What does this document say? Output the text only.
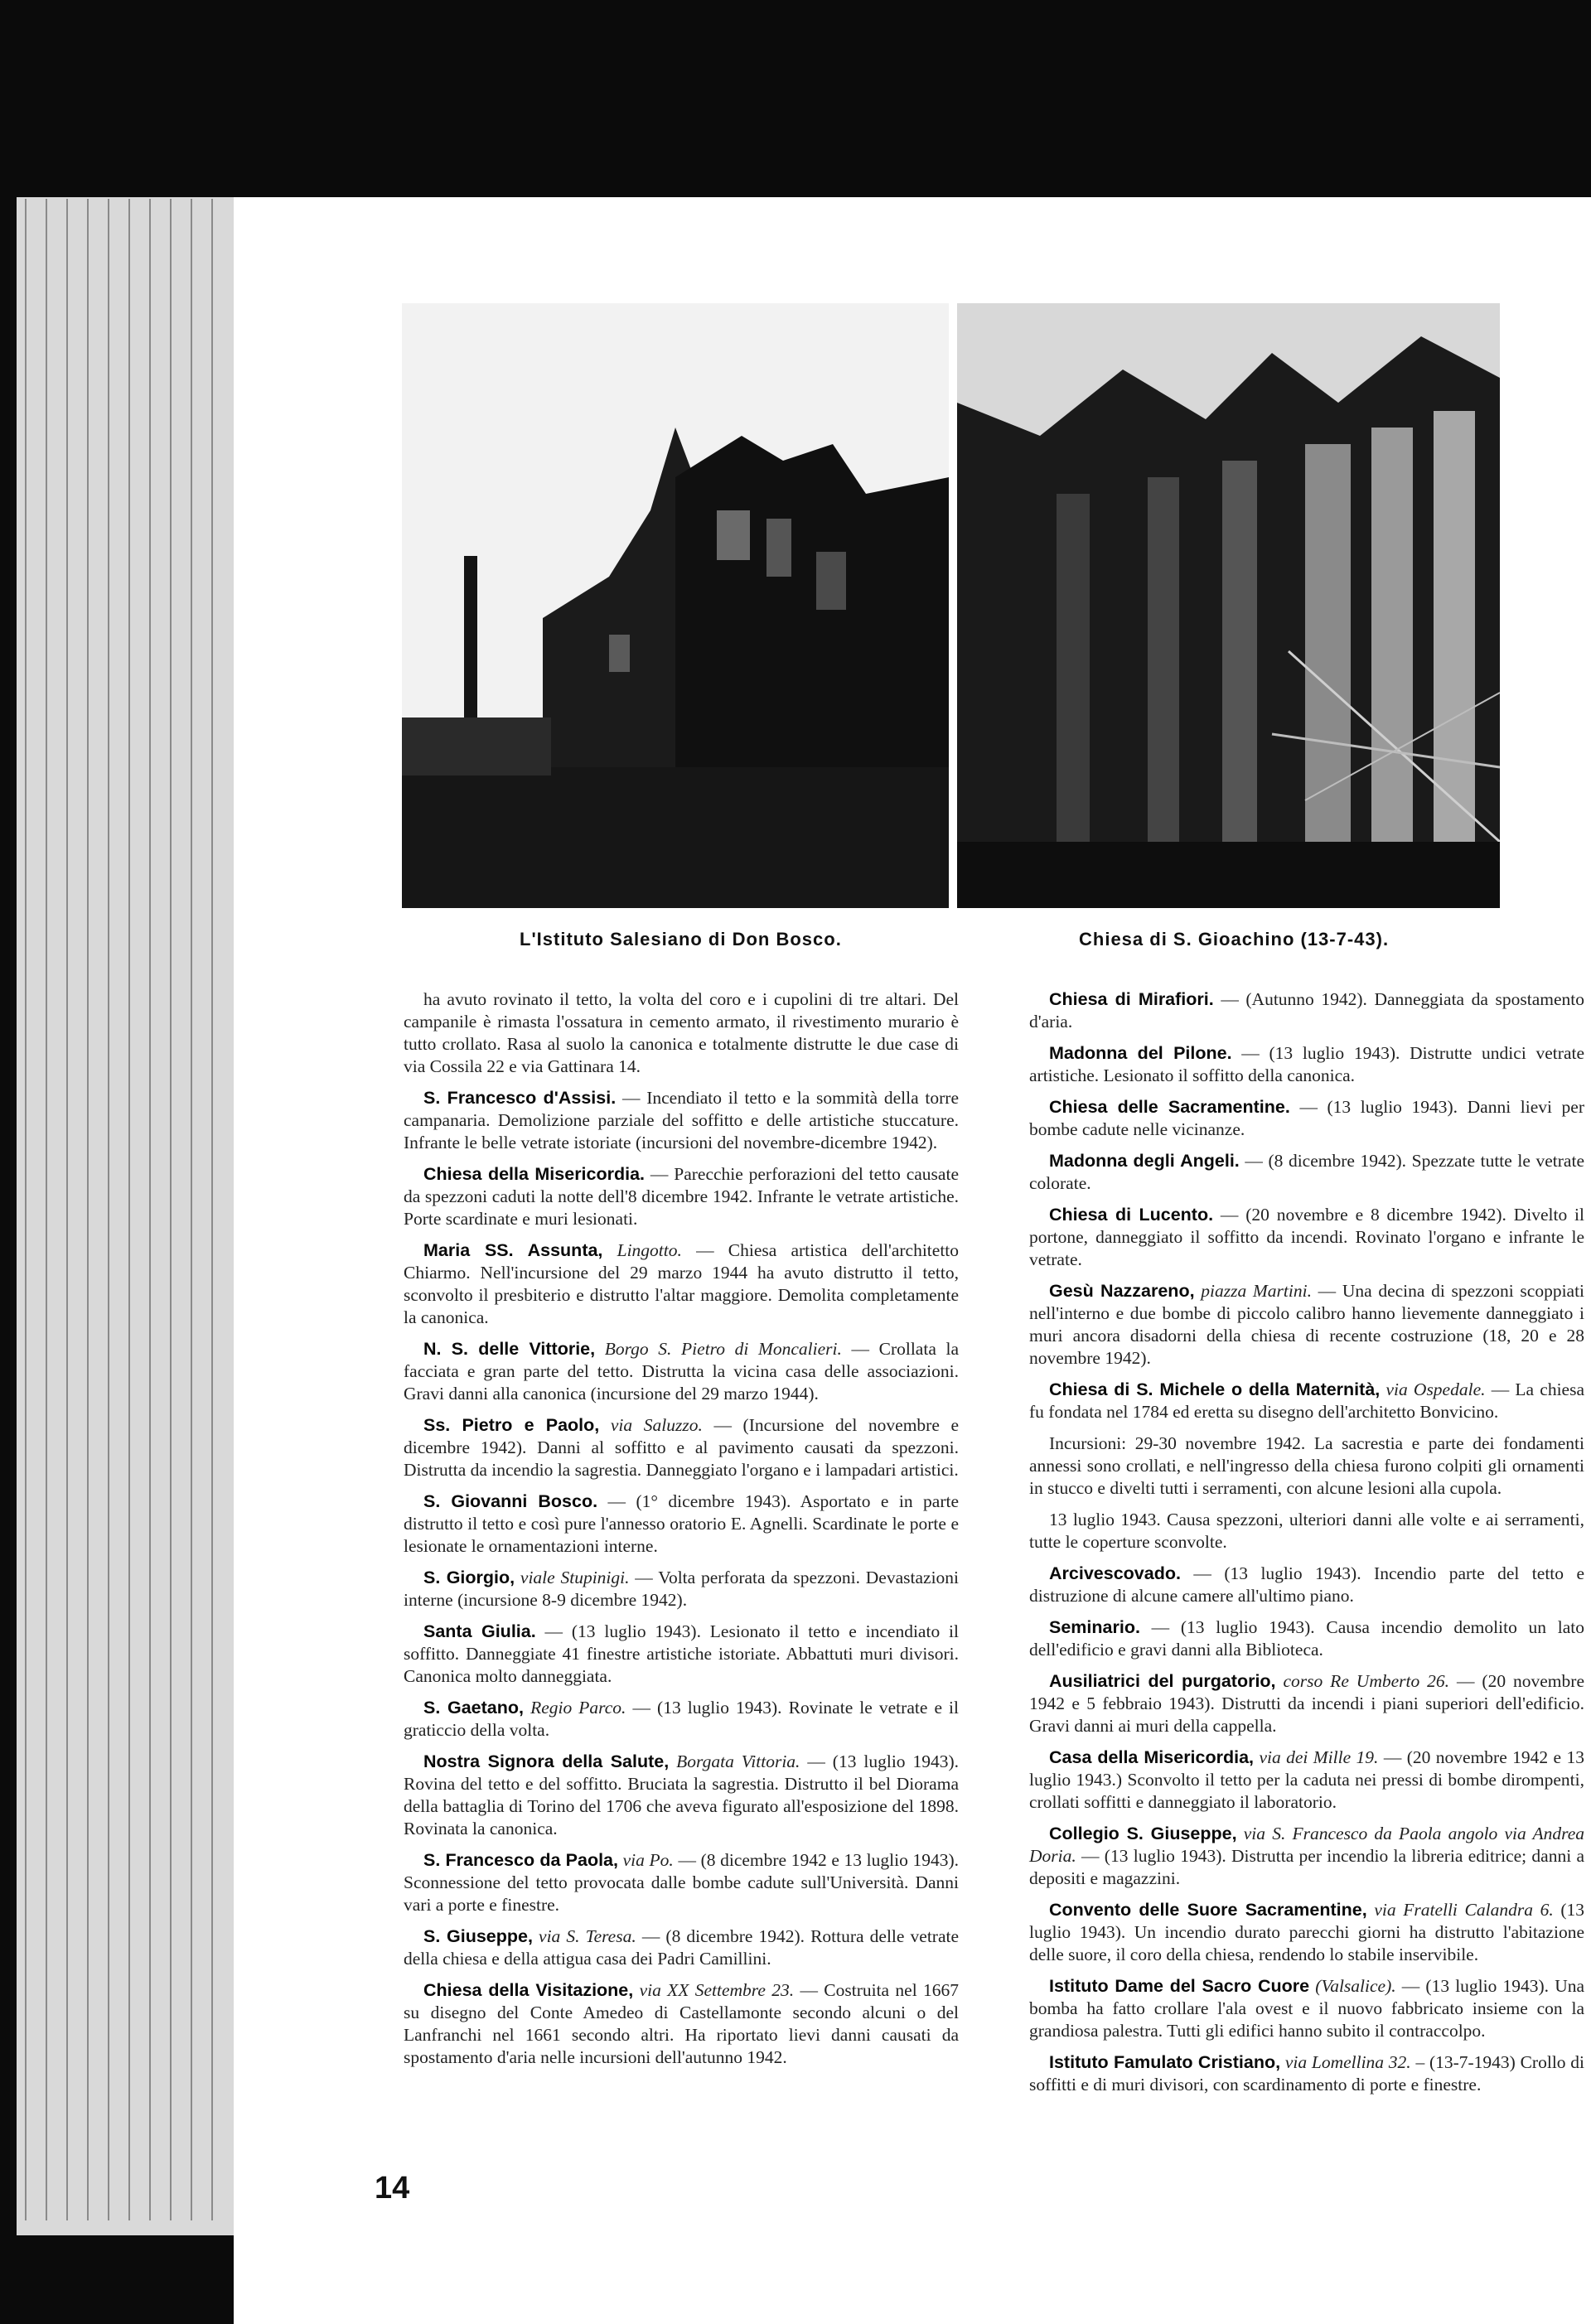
L'Istituto Salesiano di Don Bosco.	Chiesa di S. Gioachino (13-7-43).

ha avuto rovinato il tetto, la volta del coro e i cupolini di tre altari. Del campanile è rimasta l'ossatura in cemento armato, il rivestimento murario è tutto crollato. Rasa al suolo la canonica e totalmente distrutte le due case di via Cossila 22 e via Gattinara 14.

S. Francesco d'Assisi. — Incendiato il tetto e la sommità della torre campanaria. Demolizione parziale del soffitto e delle artistiche stuccature. Infrante le belle vetrate istoriate (incursioni del novembre-dicembre 1942).

Chiesa della Misericordia. — Parecchie perforazioni del tetto causate da spezzoni caduti la notte dell'8 dicembre 1942. Infrante le vetrate artistiche. Porte scardinate e muri lesionati.

Maria SS. Assunta, Lingotto. — Chiesa artistica dell'architetto Chiarmo. Nell'incursione del 29 marzo 1944 ha avuto distrutto il tetto, sconvolto il presbiterio e distrutto l'altar maggiore. Demolita completamente la canonica.

N. S. delle Vittorie, Borgo S. Pietro di Moncalieri. — Crollata la facciata e gran parte del tetto. Distrutta la vicina casa delle associazioni. Gravi danni alla canonica (incursione del 29 marzo 1944).

Ss. Pietro e Paolo, via Saluzzo. — (Incursione del novembre e dicembre 1942). Danni al soffitto e al pavimento causati da spezzoni. Distrutta da incendio la sagrestia. Danneggiato l'organo e i lampadari artistici.

S. Giovanni Bosco. — (1° dicembre 1943). Asportato e in parte distrutto il tetto e così pure l'annesso oratorio E. Agnelli. Scardinate le porte e lesionate le ornamentazioni interne.

S. Giorgio, viale Stupinigi. — Volta perforata da spezzoni. Devastazioni interne (incursione 8-9 dicembre 1942).

Santa Giulia. — (13 luglio 1943). Lesionato il tetto e incendiato il soffitto. Danneggiate 41 finestre artistiche istoriate. Abbattuti muri divisori. Canonica molto danneggiata.

S. Gaetano, Regio Parco. — (13 luglio 1943). Rovinate le vetrate e il graticcio della volta.

Nostra Signora della Salute, Borgata Vittoria. — (13 luglio 1943). Rovina del tetto e del soffitto. Bruciata la sagrestia. Distrutto il bel Diorama della battaglia di Torino del 1706 che aveva figurato all'esposizione del 1898. Rovinata la canonica.

S. Francesco da Paola, via Po. — (8 dicembre 1942 e 13 luglio 1943). Sconnessione del tetto provocata dalle bombe cadute sull'Università. Danni vari a porte e finestre.

S. Giuseppe, via S. Teresa. — (8 dicembre 1942). Rottura delle vetrate della chiesa e della attigua casa dei Padri Camillini.

Chiesa della Visitazione, via XX Settembre 23. — Costruita nel 1667 su disegno del Conte Amedeo di Castellamonte secondo alcuni o del Lanfranchi nel 1661 secondo altri. Ha riportato lievi danni causati da spostamento d'aria nelle incursioni dell'autunno 1942.

Chiesa di Mirafiori. — (Autunno 1942). Danneggiata da spostamento d'aria.

Madonna del Pilone. — (13 luglio 1943). Distrutte undici vetrate artistiche. Lesionato il soffitto della canonica.

Chiesa delle Sacramentine. — (13 luglio 1943). Danni lievi per bombe cadute nelle vicinanze.

Madonna degli Angeli. — (8 dicembre 1942). Spezzate tutte le vetrate colorate.

Chiesa di Lucento. — (20 novembre e 8 dicembre 1942). Divelto il portone, danneggiato il soffitto da incendi. Rovinato l'organo e infrante le vetrate.

Gesù Nazzareno, piazza Martini. — Una decina di spezzoni scoppiati nell'interno e due bombe di piccolo calibro hanno lievemente danneggiato i muri ancora disadorni della chiesa di recente costruzione (18, 20 e 28 novembre 1942).

Chiesa di S. Michele o della Maternità, via Ospedale. — La chiesa fu fondata nel 1784 ed eretta su disegno dell'architetto Bonvicino.

Incursioni: 29-30 novembre 1942. La sacrestia e parte dei fondamenti annessi sono crollati, e nell'ingresso della chiesa furono colpiti gli ornamenti in stucco e divelti tutti i serramenti, con alcune lesioni alla cupola.

13 luglio 1943. Causa spezzoni, ulteriori danni alle volte e ai serramenti, tutte le coperture sconvolte.

Arcivescovado. — (13 luglio 1943). Incendio parte del tetto e distruzione di alcune camere all'ultimo piano.

Seminario. — (13 luglio 1943). Causa incendio demolito un lato dell'edificio e gravi danni alla Biblioteca.

Ausiliatrici del purgatorio, corso Re Umberto 26. — (20 novembre 1942 e 5 febbraio 1943). Distrutti da incendi i piani superiori dell'edificio. Gravi danni ai muri della cappella.

Casa della Misericordia, via dei Mille 19. — (20 novembre 1942 e 13 luglio 1943.) Sconvolto il tetto per la caduta nei pressi di bombe dirompenti, crollati soffitti e danneggiato il laboratorio.

Collegio S. Giuseppe, via S. Francesco da Paola angolo via Andrea Doria. — (13 luglio 1943). Distrutta per incendio la libreria editrice; danni a depositi e magazzini.

Convento delle Suore Sacramentine, via Fratelli Calandra 6. (13 luglio 1943). Un incendio durato parecchi giorni ha distrutto l'abitazione delle suore, il coro della chiesa, rendendo lo stabile inservibile.

Istituto Dame del Sacro Cuore (Valsalice). — (13 luglio 1943). Una bomba ha fatto crollare l'ala ovest e il nuovo fabbricato insieme con la grandiosa palestra. Tutti gli edifici hanno subito il contraccolpo.

Istituto Famulato Cristiano, via Lomellina 32. – (13-7-1943) Crollo di soffitti e di muri divisori, con scardinamento di porte e finestre.

14
